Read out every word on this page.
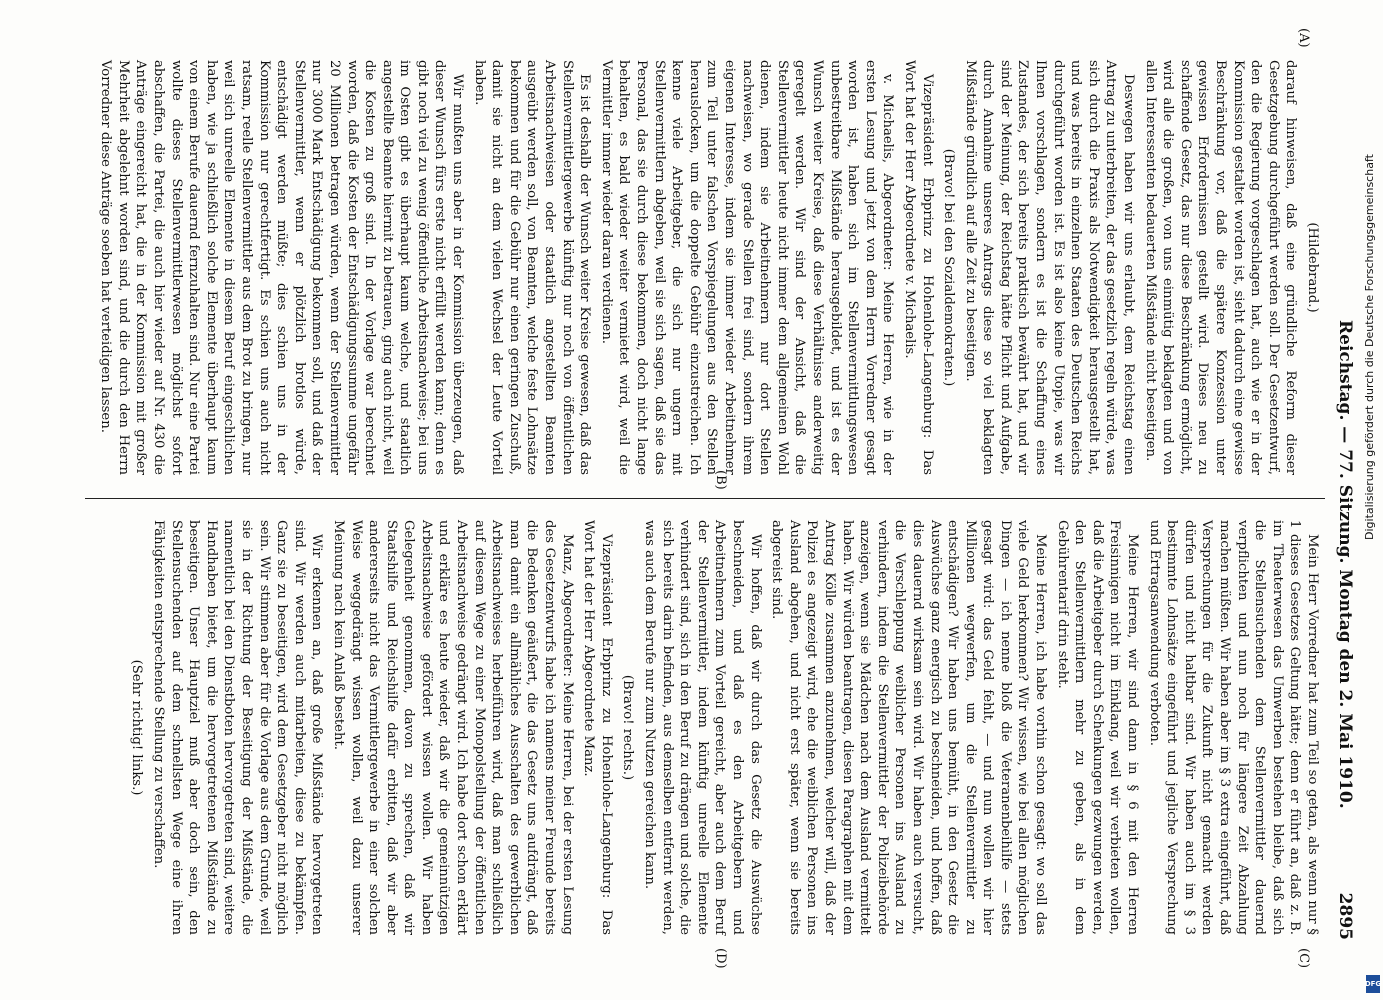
Reichstag. — 77. Sitzung. Montag den 2. Mai 1910.
2895
(A)
(B)
(C)
(D)

(Hildebrand.)

darauf hinweisen, daß eine gründliche Reform dieser Gesetzgebung durchgeführt werden soll. Der Gesetzentwurf, den die Regierung vorgeschlagen hat, auch wie er in der Kommission gestaltet worden ist, sieht dadurch eine gewisse Beschränkung vor, daß die spätere Konzession unter gewissen Erfordernissen gestellt wird. Dieses neu zu schaffende Gesetz, das nur diese Beschränkung ermöglicht, wird alle die großen, von uns einmütig beklagten und von allen Interessenten bedauerten Mißstände nicht beseitigen.

Deswegen haben wir uns erlaubt, dem Reichstag einen Antrag zu unterbreiten, der das gesetzlich regeln würde, was sich durch die Praxis als Notwendigkeit herausgestellt hat, und was bereits in einzelnen Staaten des Deutschen Reichs durchgeführt worden ist. Es ist also keine Utopie, was wir Ihnen vorschlagen, sondern es ist die Schaffung eines Zustandes, der sich bereits praktisch bewährt hat, und wir sind der Meinung, der Reichstag hätte Pflicht und Aufgabe, durch Annahme unseres Antrags diese so viel beklagten Mißstände gründlich auf alle Zeit zu beseitigen.

(Bravo! bei den Sozialdemokraten.)

Vizepräsident Erbprinz zu Hohenlohe-Langenburg: Das Wort hat der Herr Abgeordnete v. Michaelis.

v. Michaelis, Abgeordneter: Meine Herren, wie in der ersten Lesung und jetzt von dem Herrn Vorredner gesagt worden ist, haben sich im Stellenvermittlungswesen unbestreitbare Mißstände herausgebildet, und ist es der Wunsch weiter Kreise, daß diese Verhältnisse anderweitig geregelt werden. Wir sind der Ansicht, daß die Stellenvermittler heute nicht immer dem allgemeinen Wohl dienen, indem sie Arbeitnehmern nur dort Stellen nachweisen, wo gerade Stellen frei sind, sondern ihrem eigenen Interesse, indem sie immer wieder Arbeitnehmer zum Teil unter falschen Vorspiegelungen aus den Stellen herauslocken, um die doppelte Gebühr einzustreichen. Ich kenne viele Arbeitgeber, die sich nur ungern mit Stellenvermittlern abgeben, weil sie sich sagen, daß sie das Personal, das sie durch diese bekommen, doch nicht lange behalten, es bald wieder weiter vermietet wird, weil die Vermittler immer wieder daran verdienen.

Es ist deshalb der Wunsch weiter Kreise gewesen, daß das Stellenvermittlergewerbe künftig nur noch von öffentlichen Arbeitsnachweisen oder staatlich angestellten Beamten ausgeübt werden soll, von Beamten, welche feste Lohnsätze bekommen und für die Gebühr nur einen geringen Zuschuß, damit sie nicht an dem vielen Wechsel der Leute Vorteil haben.

Wir mußten uns aber in der Kommission überzeugen, daß dieser Wunsch fürs erste nicht erfüllt werden kann; denn es gibt noch viel zu wenig öffentliche Arbeitsnachweise; bei uns im Osten gibt es überhaupt kaum welche, und staatlich angestellte Beamte hiermit zu betrauen, ging auch nicht, weil die Kosten zu groß sind. In der Vorlage war berechnet worden, daß die Kosten der Entschädigungssumme ungefähr 20 Millionen betragen würden, wenn der Stellenvermittler nur 3000 Mark Entschädigung bekommen soll, und daß der Stellenvermittler, wenn er plötzlich brotlos würde, entschädigt werden müßte; dies schien uns in der Kommission nur gerechtfertigt. Es schien uns auch nicht ratsam, reelle Stellenvermittler aus dem Brot zu bringen, nur weil sich unreelle Elemente in diesem Beruf eingeschlichen haben, wie ja schließlich solche Elemente überhaupt kaum von einem Berufe dauernd fernzuhalten sind. Nur eine Partei wollte dieses Stellenvermittlerwesen möglichst sofort abschaffen, die Partei, die auch hier wieder auf Nr. 430 die Anträge eingereicht hat, die in der Kommission mit großer Mehrheit abgelehnt worden sind, und die durch den Herrn Vorredner diese Anträge soeben hat verteidigen lassen.

Mein Herr Vorredner hat zum Teil so getan, als wenn nur § 1 dieses Gesetzes Geltung hätte; denn er führt an, daß z. B. im Theaterwesen das Umwerben bestehen bleibe, daß sich die Stellensuchenden dem Stellenvermittler dauernd verpflichten und nun noch für längere Zeit Abzahlung machen müßten. Wir haben aber im § 3 extra eingeführt, daß Versprechungen für die Zukunft nicht gemacht werden dürfen und nicht haltbar sind. Wir haben auch im § 3 bestimmte Lohnsätze eingeführt und jegliche Versprechung und Ertragsanwendung verboten.

Meine Herren, wir sind dann in § 6 mit den Herren Freisinnigen nicht im Einklang, weil wir verbieten wollen, daß die Arbeitgeber durch Schenkungen gezwungen werden, den Stellenvermittlern mehr zu geben, als in dem Gebührentarif drin steht.

Meine Herren, ich habe vorhin schon gesagt: wo soll das viele Geld herkommen? Wir wissen, wie bei allen möglichen Dingen — ich nenne bloß die Veteranenbeihilfe — stets gesagt wird: das Geld fehlt, — und nun wollen wir hier Millionen wegwerfen, um die Stellenvermittler zu entschädigen? Wir haben uns bemüht, in den Gesetz die Auswüchse ganz energisch zu beschneiden, und hoffen, daß dies dauernd wirksam sein wird. Wir haben auch versucht, die Verschleppung weiblicher Personen ins Ausland zu verhindern, indem die Stellenvermittler der Polizeibehörde anzeigen, wenn sie Mädchen nach dem Ausland vermittelt haben. Wir würden beantragen, diesen Paragraphen mit dem Antrag Kölle zusammen anzunehmen, welcher will, daß der Polizei es angezeigt wird, ehe die weiblichen Personen ins Ausland abgehen, und nicht erst später, wenn sie bereits abgereist sind.

Wir hoffen, daß wir durch das Gesetz die Auswüchse beschneiden, und daß es den Arbeitgebern und Arbeitnehmern zum Vorteil gereicht, aber auch dem Beruf der Stellenvermittler, indem künftig unreelle Elemente verhindert sind, sich in den Beruf zu drängen und solche, die sich bereits darin befinden, aus demselben entfernt werden, was auch dem Berufe nur zum Nutzen gereichen kann.

(Bravo! rechts.)

Vizepräsident Erbprinz zu Hohenlohe-Langenburg: Das Wort hat der Herr Abgeordnete Manz.

Manz, Abgeordneter: Meine Herren, bei der ersten Lesung des Gesetzentwurfs habe ich namens meiner Freunde bereits die Bedenken geäußert, die das Gesetz uns aufdrängt, daß man damit ein allmähliches Ausschalten des gewerblichen Arbeitsnachweises herbeiführen wird, daß man schließlich auf diesem Wege zu einer Monopolstellung der öffentlichen Arbeitsnachweise gedrängt wird. Ich habe dort schon erklärt und erkläre es heute wieder, daß wir die gemeinnützigen Arbeitsnachweise gefördert wissen wollen. Wir haben Gelegenheit genommen, davon zu sprechen, daß wir Staatshilfe und Reichshilfe dafür erbitten, daß wir aber andererseits nicht das Vermittlergewerbe in einer solchen Weise weggedrängt wissen wollen, weil dazu unserer Meinung nach kein Anlaß besteht.

Wir erkennen an, daß große Mißstände hervorgetreten sind. Wir werden auch mitarbeiten, diese zu bekämpfen. Ganz sie zu beseitigen, wird dem Gesetzgeber nicht möglich sein. Wir stimmen aber für die Vorlage aus dem Grunde, weil sie in der Richtung der Beseitigung der Mißstände, die namentlich bei den Dienstboten hervorgetreten sind, weitere Handhaben bietet, um die hervorgetretenen Mißstände zu beseitigen. Unser Hauptziel muß aber doch sein, den Stellensuchenden auf dem schnellsten Wege eine ihren Fähigkeiten entsprechende Stellung zu verschaffen.

(Sehr richtig! links.)

Digitalisierung gefördert durch die Deutsche Forschungsgemeinschaft
DFG
